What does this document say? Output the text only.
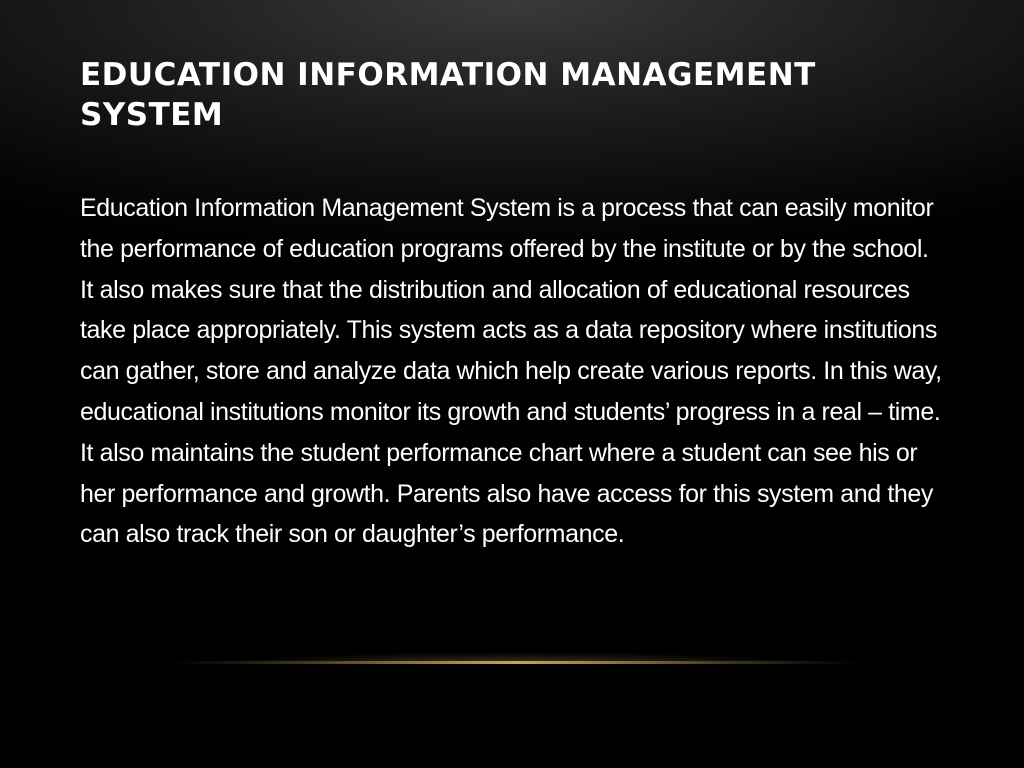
EDUCATION INFORMATION MANAGEMENT SYSTEM

Education Information Management System is a process that can easily monitor the performance of education programs offered by the institute or by the school. It also makes sure that the distribution and allocation of educational resources take place appropriately. This system acts as a data repository where institutions can gather, store and analyze data which help create various reports. In this way, educational institutions monitor its growth and students’ progress in a real – time. It also maintains the student performance chart where a student can see his or her performance and growth. Parents also have access for this system and they can also track their son or daughter’s performance.
